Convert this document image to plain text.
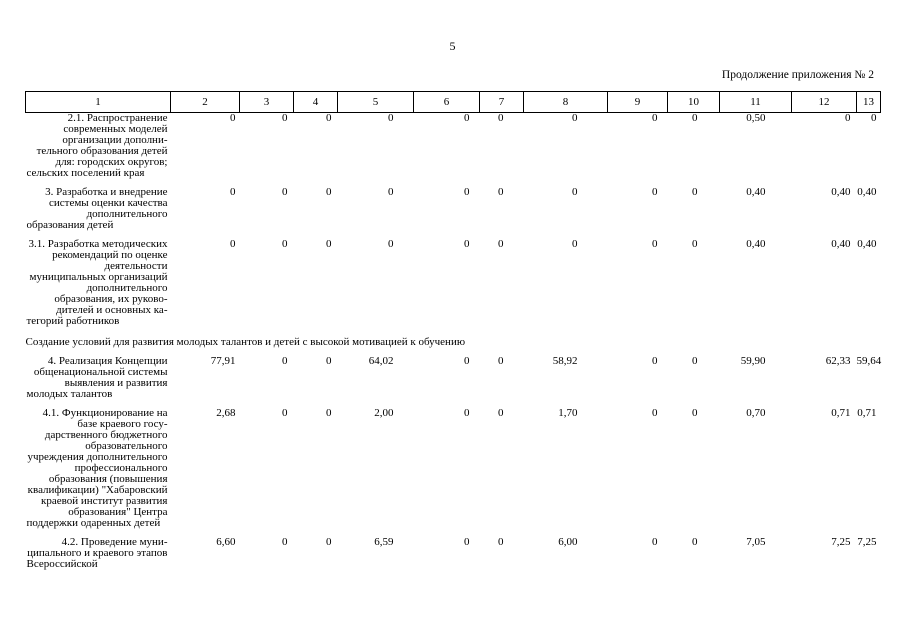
5
Продолжение приложения № 2
1	2	3	4	5	6	7	8	9	10	11	12	13
2.1. Распространение современных моделей организации дополнительного образования детей для: городских округов; сельских поселений края	0	0	0	0	0	0	0	0	0	0,50	0	0
3. Разработка и внедрение системы оценки качества дополнительного образования детей	0	0	0	0	0	0	0	0	0	0,40	0,40	0,40
3.1. Разработка методических рекомендаций по оценке деятельности муниципальных организаций дополнительного образования, их руководителей и основных категорий работников	0	0	0	0	0	0	0	0	0	0,40	0,40	0,40
Создание условий для развития молодых талантов и детей с высокой мотивацией к обучению												
4. Реализация Концепции общенациональной системы выявления и развития молодых талантов	77,91	0	0	64,02	0	0	58,92	0	0	59,90	62,33	59,64
4.1. Функционирование на базе краевого государственного бюджетного образовательного учреждения дополнительного профессионального образования (повышения квалификации) "Хабаровский краевой институт развития образования" Центра поддержки одаренных детей	2,68	0	0	2,00	0	0	1,70	0	0	0,70	0,71	0,71
4.2. Проведение муниципального и краевого этапов Всероссийской	6,60	0	0	6,59	0	0	6,00	0	0	7,05	7,25	7,25
